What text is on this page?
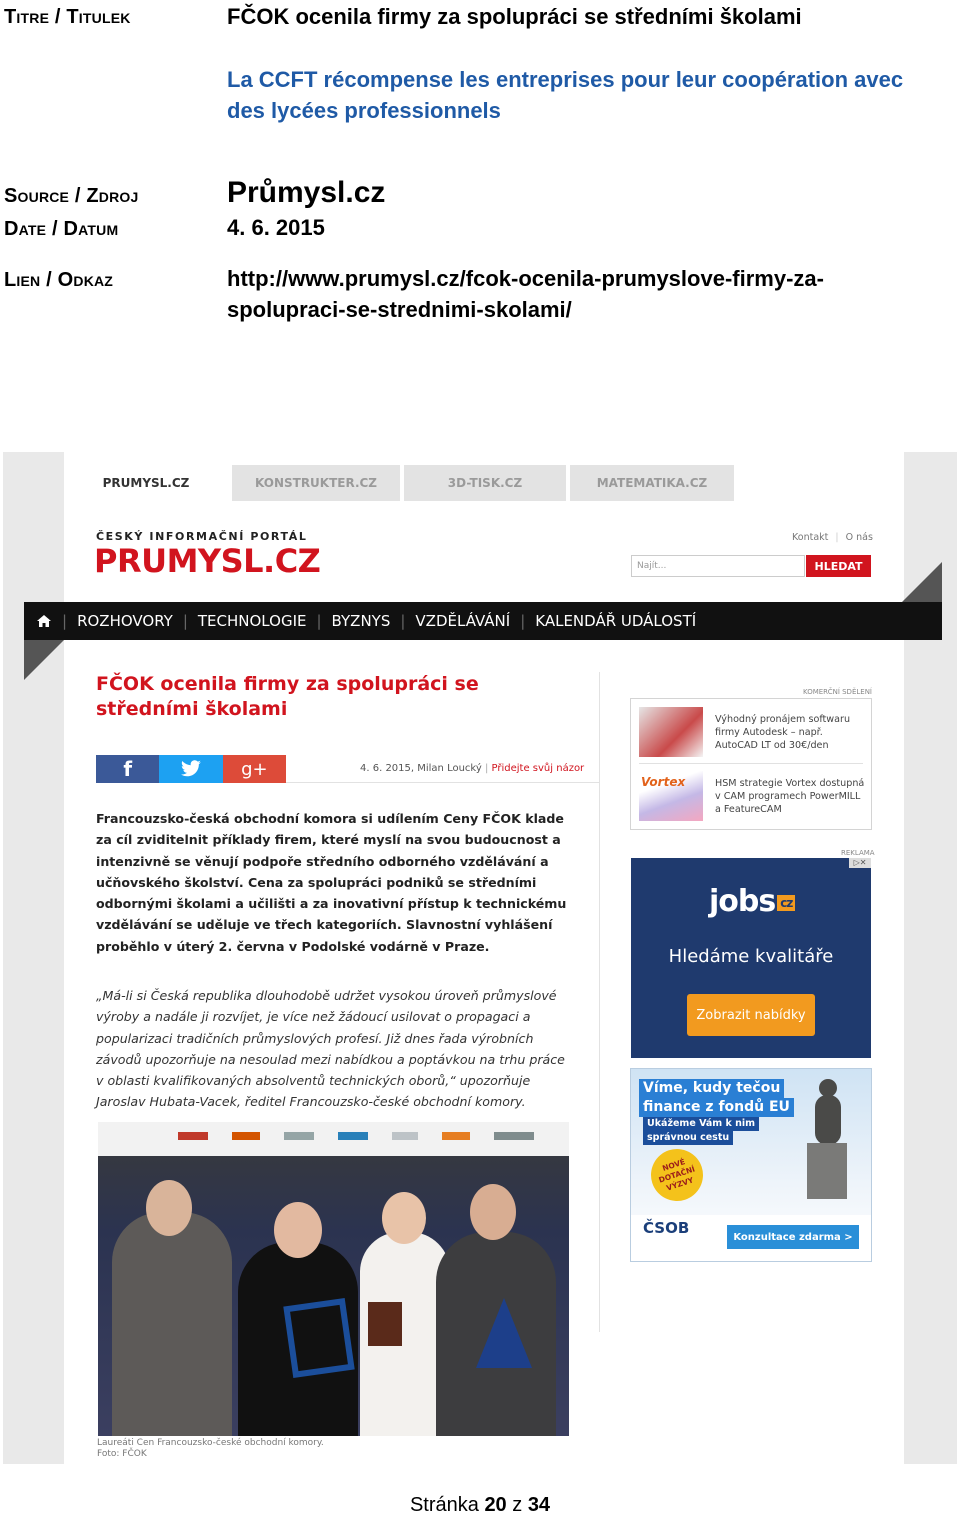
Titre / Titulek	FČOK ocenila firmy za spolupráci se středními školami
La CCFT récompense les entreprises pour leur coopération avec des lycées professionnels
Source / Zdroj	Průmysl.cz
Date / Datum	4. 6. 2015
Lien / Odkaz	http://www.prumysl.cz/fcok-ocenila-prumyslove-firmy-za-
spolupraci-se-strednimi-skolami/
PRUMYSL.CZ	KONSTRUKTER.CZ	3D-TISK.CZ	MATEMATIKA.CZ
ČESKÝ INFORMAČNÍ PORTÁL
PRUMYSL.CZ
Kontakt | O nás
Najít...	HLEDAT
| ROZHOVORY | TECHNOLOGIE | BYZNYS | VZDĚLÁVÁNÍ | KALENDÁŘ UDÁLOSTÍ
FČOK ocenila firmy za spolupráci se středními školami
f	g+	4. 6. 2015, Milan Loucký | Přidejte svůj názor
Francouzsko-česká obchodní komora si udílením Ceny FČOK klade za cíl zviditelnit příklady firem, které myslí na svou budoucnost a intenzivně se věnují podpoře středního odborného vzdělávání a učňovského školství. Cena za spolupráci podniků se středními odbornými školami a učilišti a za inovativní přístup k technickému vzdělávání se uděluje ve třech kategoriích. Slavnostní vyhlášení proběhlo v úterý 2. června v Podolské vodárně v Praze.
„Má-li si Česká republika dlouhodobě udržet vysokou úroveň průmyslové výroby a nadále ji rozvíjet, je více než žádoucí usilovat o propagaci a popularizaci tradičních průmyslových profesí. Již dnes řada výrobních závodů upozorňuje na nesoulad mezi nabídkou a poptávkou na trhu práce v oblasti kvalifikovaných absolventů technických oborů,“ upozorňuje Jaroslav Hubata-Vacek, ředitel Francouzsko-české obchodní komory.
Laureáti Cen Francouzsko-české obchodní komory.
Foto: FČOK
KOMERČNÍ SDĚLENÍ
Výhodný pronájem softwaru firmy Autodesk – např. AutoCAD LT od 30€/den
Vortex	HSM strategie Vortex dostupná v CAM programech PowerMILL a FeatureCAM
REKLAMA
▷✕
jobs cz
Hledáme kvalitáře
Zobrazit nabídky
Víme, kudy tečou
finance z fondů EU
Ukážeme Vám k nim
správnou cestu
NOVÉ DOTAČNÍ VÝZVY
ČSOB	Konzultace zdarma >
Stránka 20 z 34
